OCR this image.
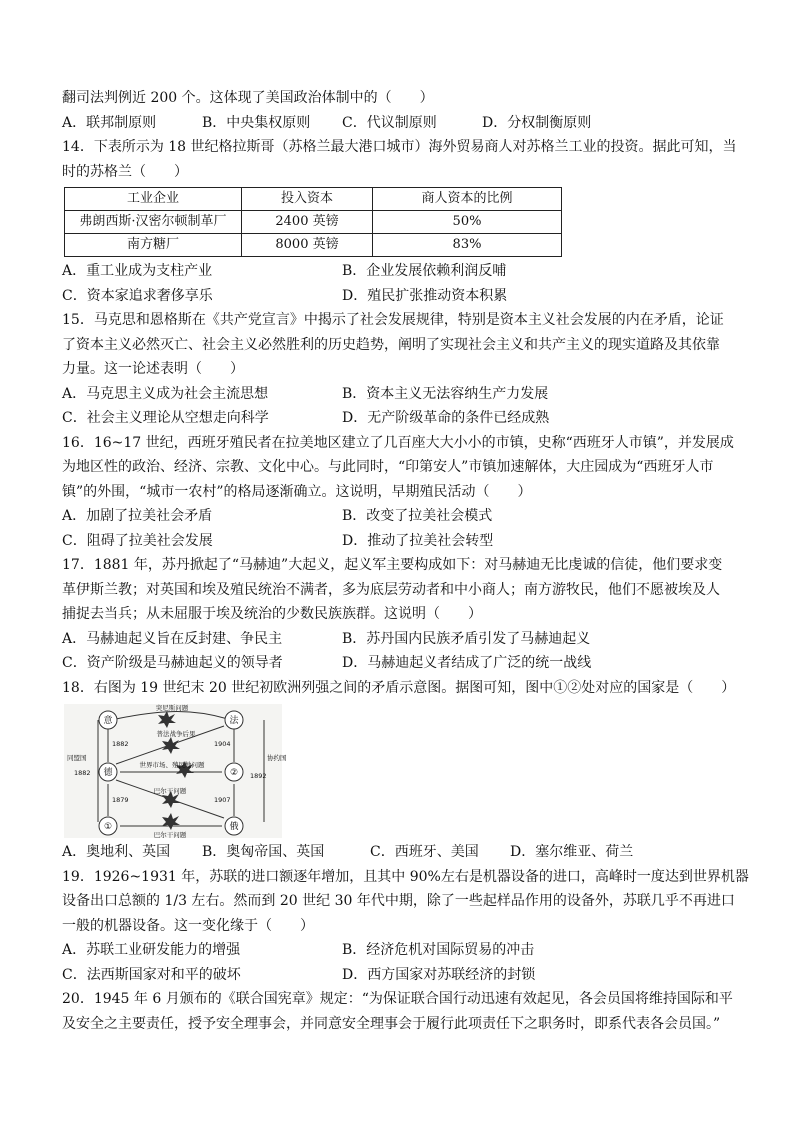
翻司法判例近 200 个。这体现了美国政治体制中的（　　）

A．联邦制原则	B．中央集权原则	C．代议制原则	D．分权制衡原则

14．下表所示为 18 世纪格拉斯哥（苏格兰最大港口城市）海外贸易商人对苏格兰工业的投资。据此可知，当

时的苏格兰（　　）

工业企业	投入资本	商人资本的比例
弗朗西斯·汉密尔顿制革厂	2400 英镑	50%
南方糖厂	8000 英镑	83%
A．重工业成为支柱产业	B．企业发展依赖利润反哺
C．资本家追求奢侈享乐	D．殖民扩张推动资本积累

15．马克思和恩格斯在《共产党宣言》中揭示了社会发展规律，特别是资本主义社会发展的内在矛盾，论证

了资本主义必然灭亡、社会主义必然胜利的历史趋势，阐明了实现社会主义和共产主义的现实道路及其依靠

力量。这一论述表明（　　）

A．马克思主义成为社会主流思想	B．资本主义无法容纳生产力发展
C．社会主义理论从空想走向科学	D．无产阶级革命的条件已经成熟

16．16~17 世纪，西班牙殖民者在拉美地区建立了几百座大大小小的市镇，史称“西班牙人市镇”，并发展成

为地区性的政治、经济、宗教、文化中心。与此同时，“印第安人”市镇加速解体，大庄园成为“西班牙人市

镇”的外围，“城市一农村”的格局逐渐确立。这说明，早期殖民活动（　　）

A．加剧了拉美社会矛盾	B．改变了拉美社会模式
C．阻碍了拉美社会发展	D．推动了拉美社会转型

17．1881 年，苏丹掀起了“马赫迪”大起义，起义军主要构成如下：对马赫迪无比虔诚的信徒，他们要求变

革伊斯兰教；对英国和埃及殖民统治不满者，多为底层劳动者和中小商人；南方游牧民，他们不愿被埃及人

捕捉去当兵；从未屈服于埃及统治的少数民族族群。这说明（　　）

A．马赫迪起义旨在反封建、争民主	B．苏丹国内民族矛盾引发了马赫迪起义
C．资产阶级是马赫迪起义的领导者	D．马赫迪起义者结成了广泛的统一战线

18．右图为 19 世纪末 20 世纪初欧洲列强之间的矛盾示意图。据图可知，图中①②处对应的国家是（　　）

意	法
德	②
①	俄
突尼斯问题
普法战争后果
世界市场、殖民地问题
巴尔干问题
巴尔干问题
1882
1882
1879
1904
1892
1907
同盟国	协约国
A．奥地利、英国	B．奥匈帝国、英国	C．西班牙、美国	D．塞尔维亚、荷兰

19．1926~1931 年，苏联的进口额逐年增加，且其中 90%左右是机器设备的进口，高峰时一度达到世界机器

设备出口总额的 1/3 左右。然而到 20 世纪 30 年代中期，除了一些起样品作用的设备外，苏联几乎不再进口

一般的机器设备。这一变化缘于（　　）

A．苏联工业研发能力的增强	B．经济危机对国际贸易的冲击
C．法西斯国家对和平的破坏	D．西方国家对苏联经济的封锁

20．1945 年 6 月颁布的《联合国宪章》规定：“为保证联合国行动迅速有效起见，各会员国将维持国际和平

及安全之主要责任，授予安全理事会，并同意安全理事会于履行此项责任下之职务时，即系代表各会员国。”
